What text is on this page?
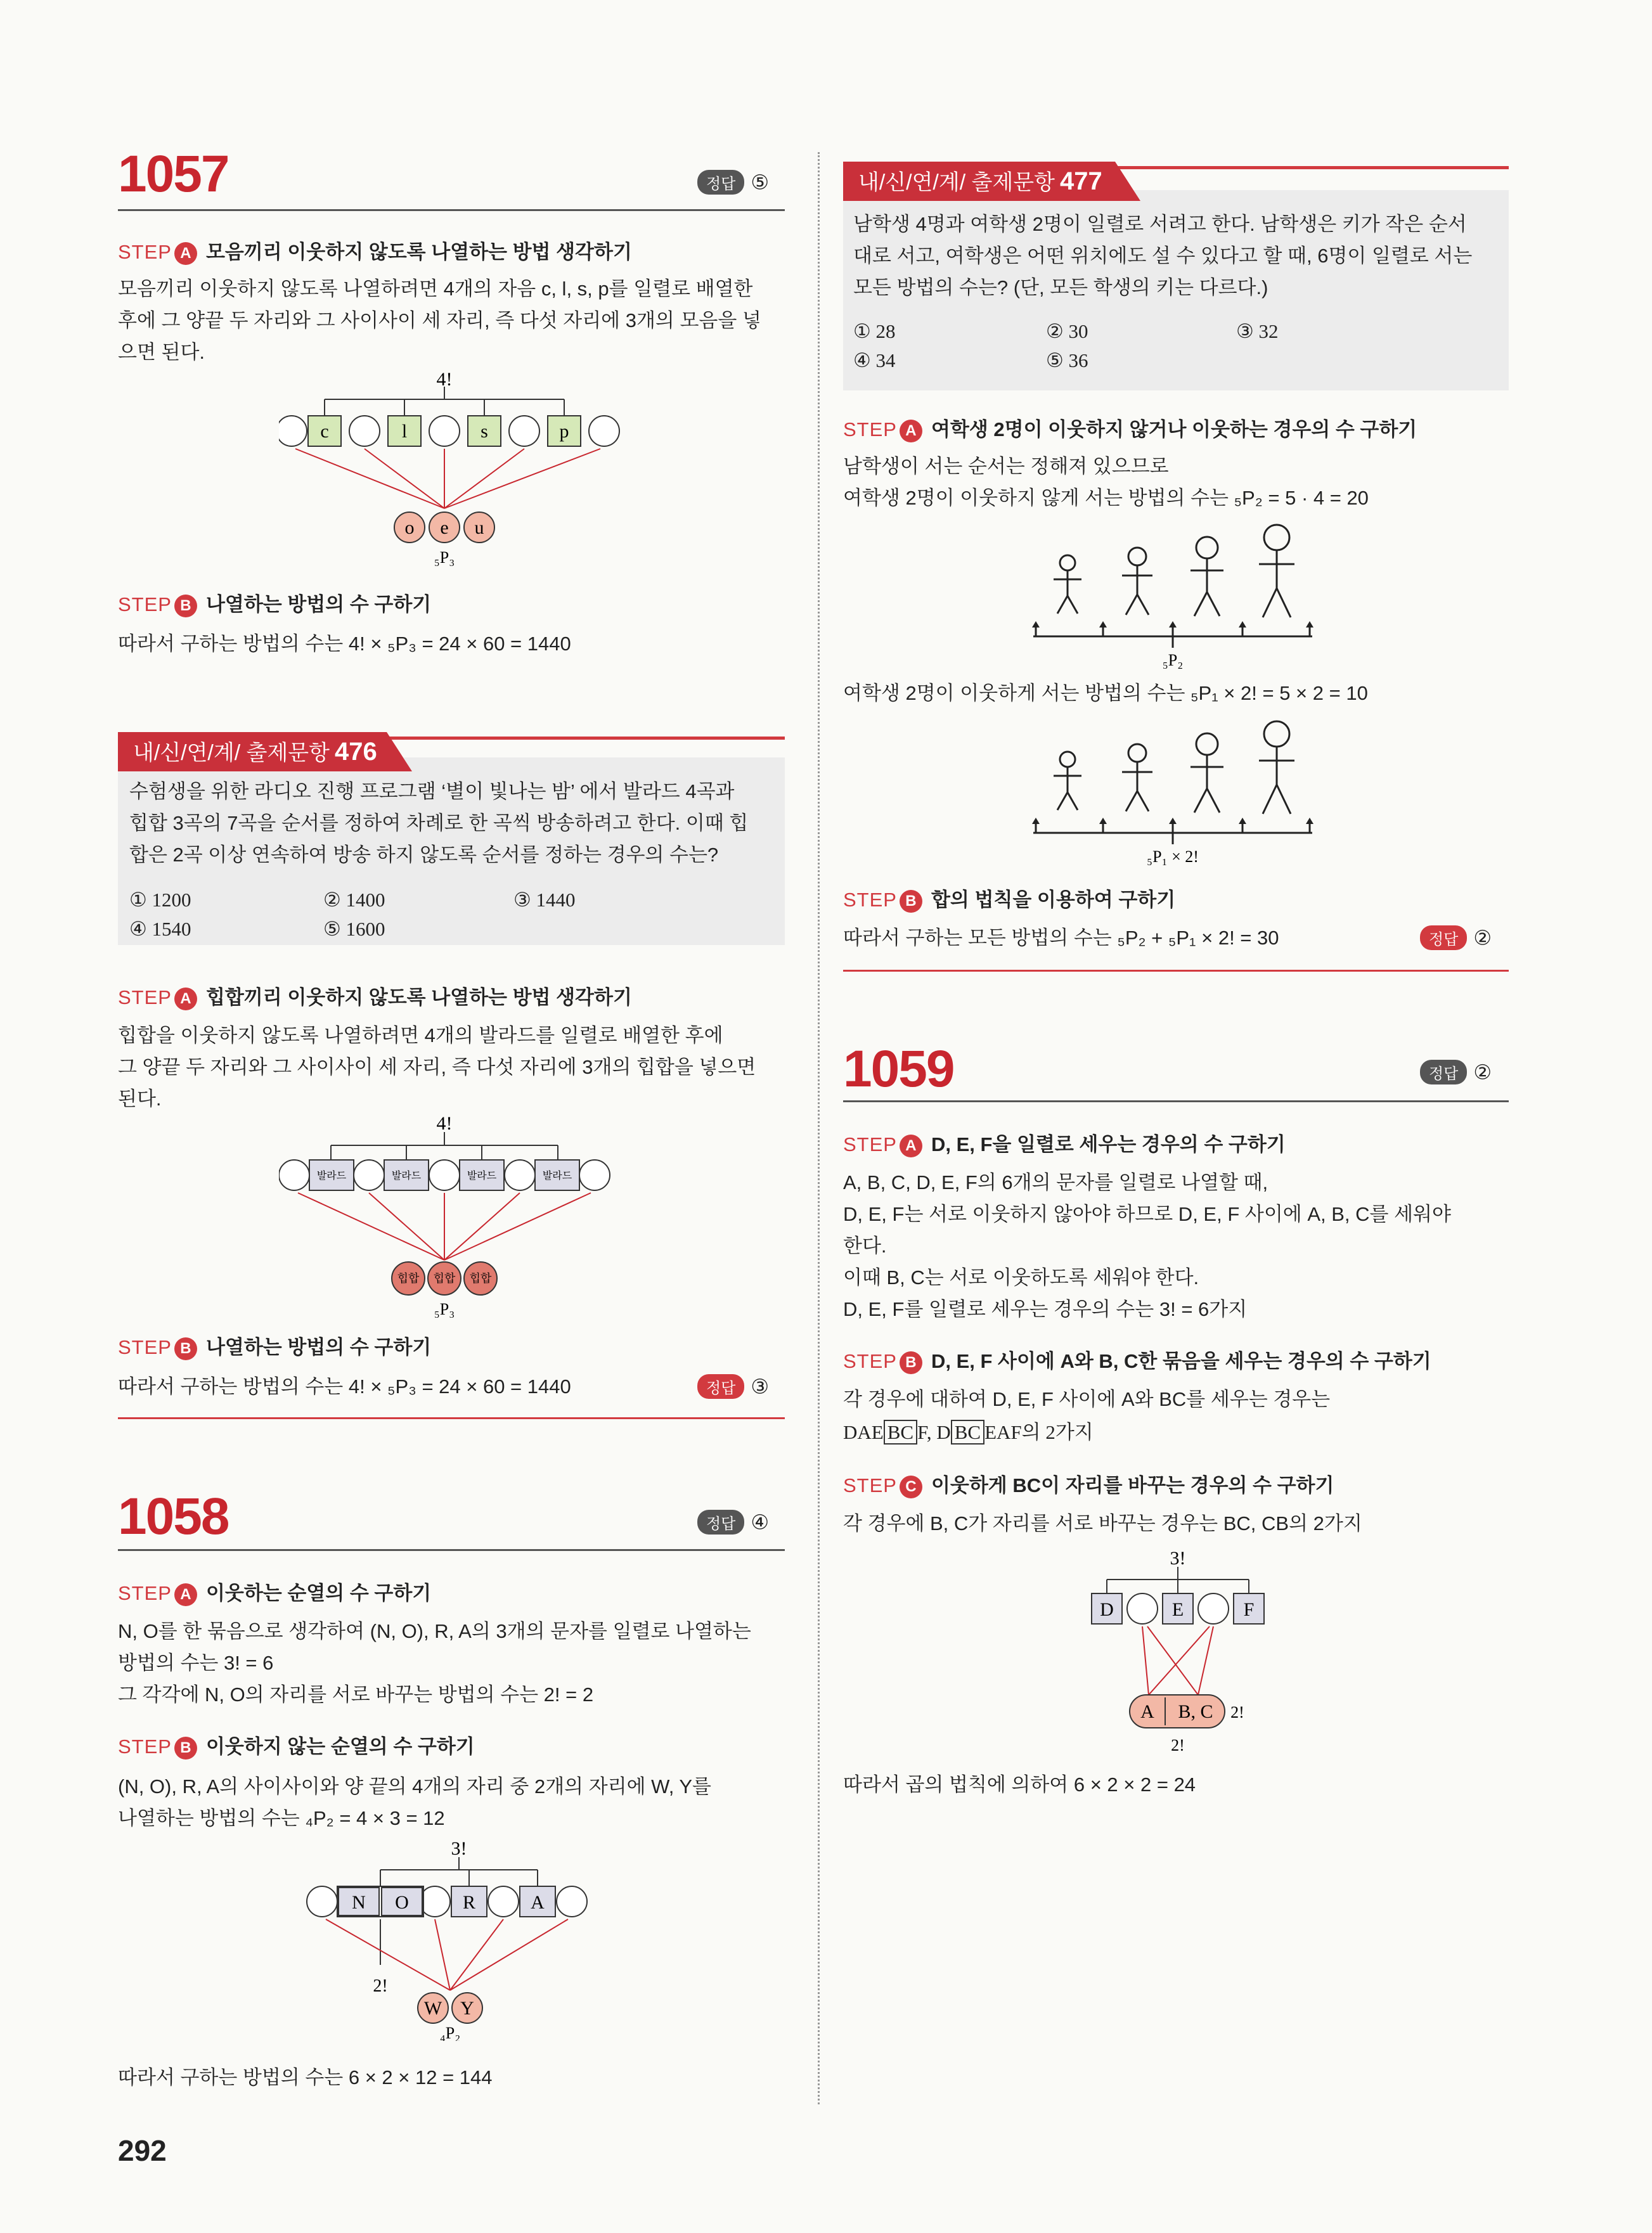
1057	정답 ⑤
STEP A 모음끼리 이웃하지 않도록 나열하는 방법 생각하기
모음끼리 이웃하지 않도록 나열하려면 4개의 자음 c, l, s, p를 일렬로 배열한
후에 그 양끝 두 자리와 그 사이사이 세 자리, 즉 다섯 자리에 3개의 모음을 넣
으면 된다.
4!
c	l	s	p
o e u
₅P₃
STEP B 나열하는 방법의 수 구하기
따라서 구하는 방법의 수는 4! × ₅P₃ = 24 × 60 = 1440
내/신/연/계/ 출제문항 476
수험생을 위한 라디오 진행 프로그램 ‘별이 빛나는 밤’ 에서 발라드 4곡과
힙합 3곡의 7곡을 순서를 정하여 차례로 한 곡씩 방송하려고 한다. 이때 힙
합은 2곡 이상 연속하여 방송 하지 않도록 순서를 정하는 경우의 수는?
① 1200	② 1400	③ 1440
④ 1540	⑤ 1600
STEP A 힙합끼리 이웃하지 않도록 나열하는 방법 생각하기
힙합을 이웃하지 않도록 나열하려면 4개의 발라드를 일렬로 배열한 후에
그 양끝 두 자리와 그 사이사이 세 자리, 즉 다섯 자리에 3개의 힙합을 넣으면
된다.
4!
발라드	발라드	발라드	발라드
힙합 힙합 힙합
₅P₃
STEP B 나열하는 방법의 수 구하기
따라서 구하는 방법의 수는 4! × ₅P₃ = 24 × 60 = 1440	정답 ③
1058	정답 ④
STEP A 이웃하는 순열의 수 구하기
N, O를 한 묶음으로 생각하여 (N, O), R, A의 3개의 문자를 일렬로 나열하는
방법의 수는 3! = 6
그 각각에 N, O의 자리를 서로 바꾸는 방법의 수는 2! = 2
STEP B 이웃하지 않는 순열의 수 구하기
(N, O), R, A의 사이사이와 양 끝의 4개의 자리 중 2개의 자리에 W, Y를
나열하는 방법의 수는 ₄P₂ = 4 × 3 = 12
3!
N O	R	A
2!
W Y
₄P₂
따라서 구하는 방법의 수는 6 × 2 × 12 = 144
292
내/신/연/계/ 출제문항 477
남학생 4명과 여학생 2명이 일렬로 서려고 한다. 남학생은 키가 작은 순서
대로 서고, 여학생은 어떤 위치에도 설 수 있다고 할 때, 6명이 일렬로 서는
모든 방법의 수는? (단, 모든 학생의 키는 다르다.)
① 28	② 30	③ 32
④ 34	⑤ 36
STEP A 여학생 2명이 이웃하지 않거나 이웃하는 경우의 수 구하기
남학생이 서는 순서는 정해져 있으므로
여학생 2명이 이웃하지 않게 서는 방법의 수는 ₅P₂ = 5 · 4 = 20
₅P₂
여학생 2명이 이웃하게 서는 방법의 수는 ₅P₁ × 2! = 5 × 2 = 10
₅P₁ × 2!
STEP B 합의 법칙을 이용하여 구하기
따라서 구하는 모든 방법의 수는 ₅P₂ + ₅P₁ × 2! = 30	정답 ②
1059	정답 ②
STEP A D, E, F을 일렬로 세우는 경우의 수 구하기
A, B, C, D, E, F의 6개의 문자를 일렬로 나열할 때,
D, E, F는 서로 이웃하지 않아야 하므로 D, E, F 사이에 A, B, C를 세워야
한다.
이때 B, C는 서로 이웃하도록 세워야 한다.
D, E, F를 일렬로 세우는 경우의 수는 3! = 6가지
STEP B D, E, F 사이에 A와 B, C한 묶음을 세우는 경우의 수 구하기
각 경우에 대하여 D, E, F 사이에 A와 BC를 세우는 경우는
DAE BC F, D BC EAF의 2가지
STEP C 이웃하게 BC이 자리를 바꾸는 경우의 수 구하기
각 경우에 B, C가 자리를 서로 바꾸는 경우는 BC, CB의 2가지
3!
D	E	F
A B, C 2!
2!
따라서 곱의 법칙에 의하여 6 × 2 × 2 = 24
